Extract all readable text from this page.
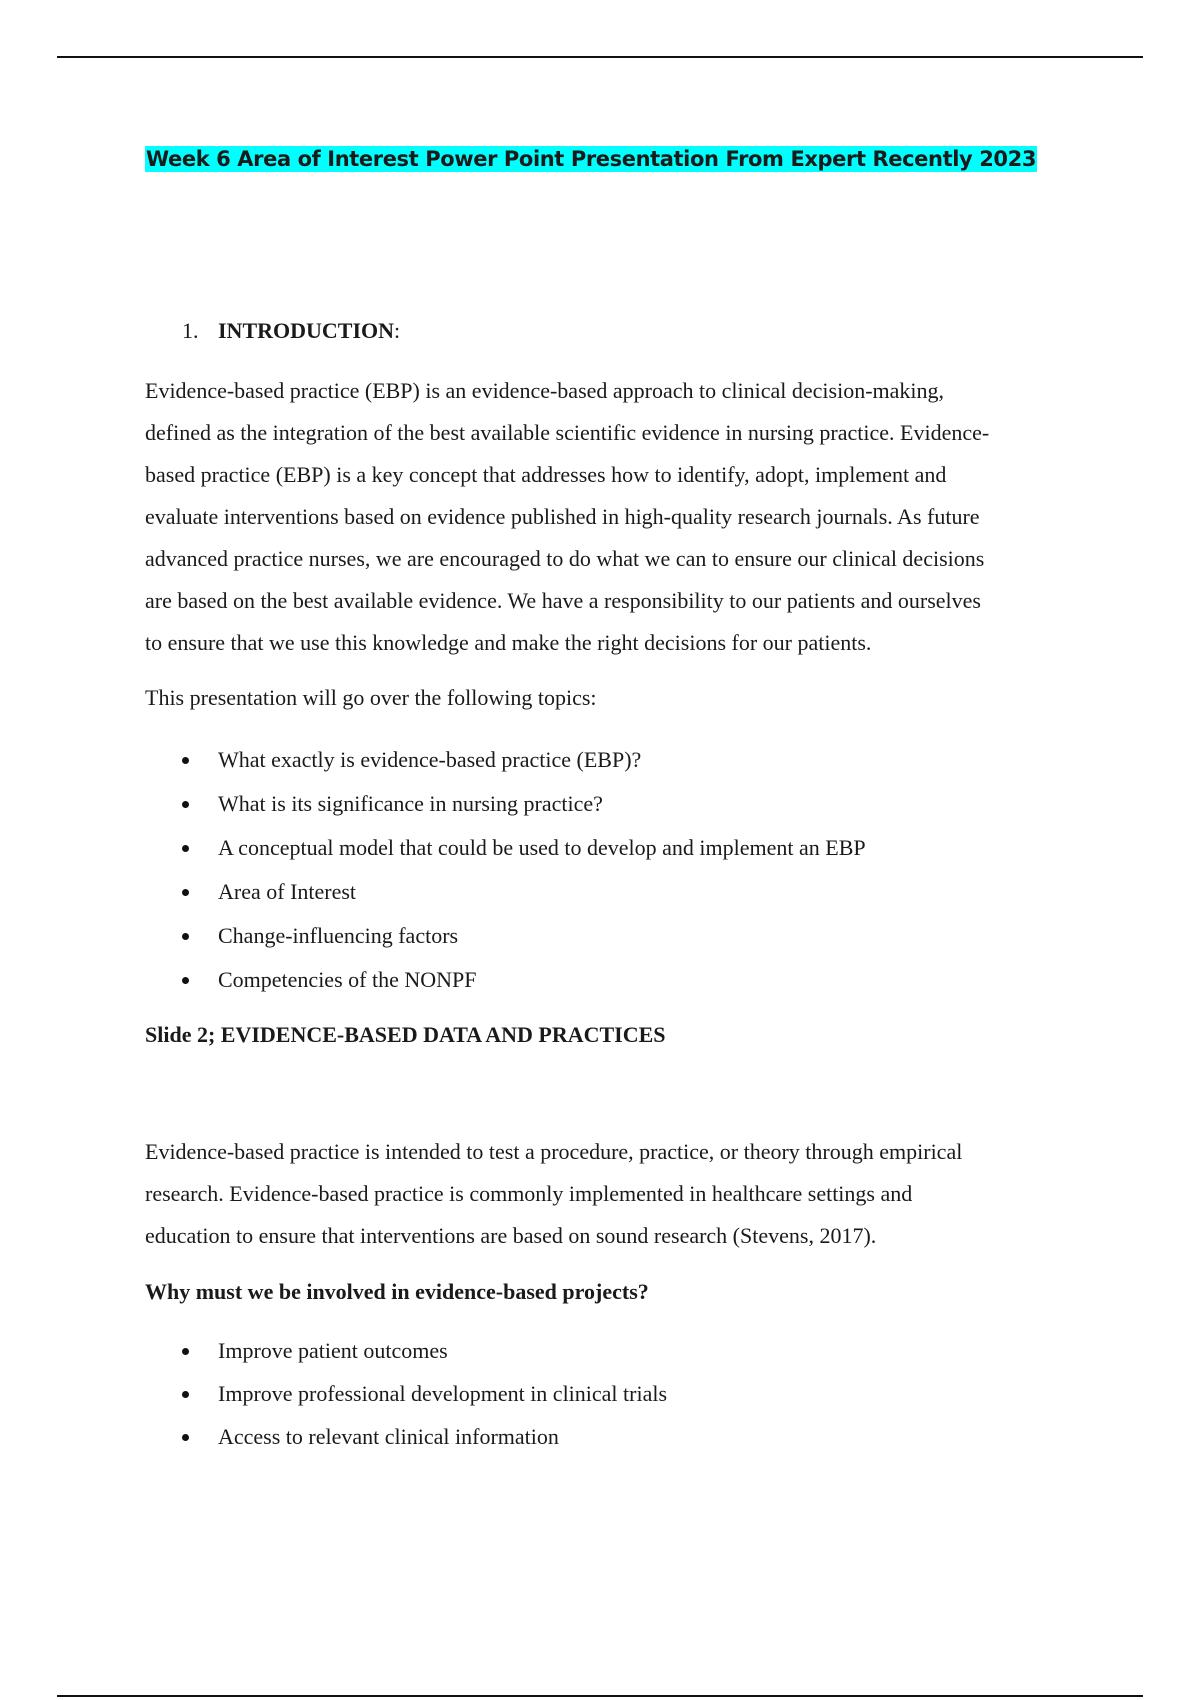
Week 6 Area of Interest Power Point Presentation From Expert Recently 2023
1. INTRODUCTION:

Evidence-based practice (EBP) is an evidence-based approach to clinical decision-making,
defined as the integration of the best available scientific evidence in nursing practice. Evidence-
based practice (EBP) is a key concept that addresses how to identify, adopt, implement and
evaluate interventions based on evidence published in high-quality research journals. As future
advanced practice nurses, we are encouraged to do what we can to ensure our clinical decisions
are based on the best available evidence. We have a responsibility to our patients and ourselves
to ensure that we use this knowledge and make the right decisions for our patients.

This presentation will go over the following topics:

What exactly is evidence-based practice (EBP)?
What is its significance in nursing practice?
A conceptual model that could be used to develop and implement an EBP
Area of Interest
Change-influencing factors
Competencies of the NONPF
Slide 2; EVIDENCE-BASED DATA AND PRACTICES

Evidence-based practice is intended to test a procedure, practice, or theory through empirical
research. Evidence-based practice is commonly implemented in healthcare settings and
education to ensure that interventions are based on sound research (Stevens, 2017).

Why must we be involved in evidence-based projects?
Improve patient outcomes
Improve professional development in clinical trials
Access to relevant clinical information
